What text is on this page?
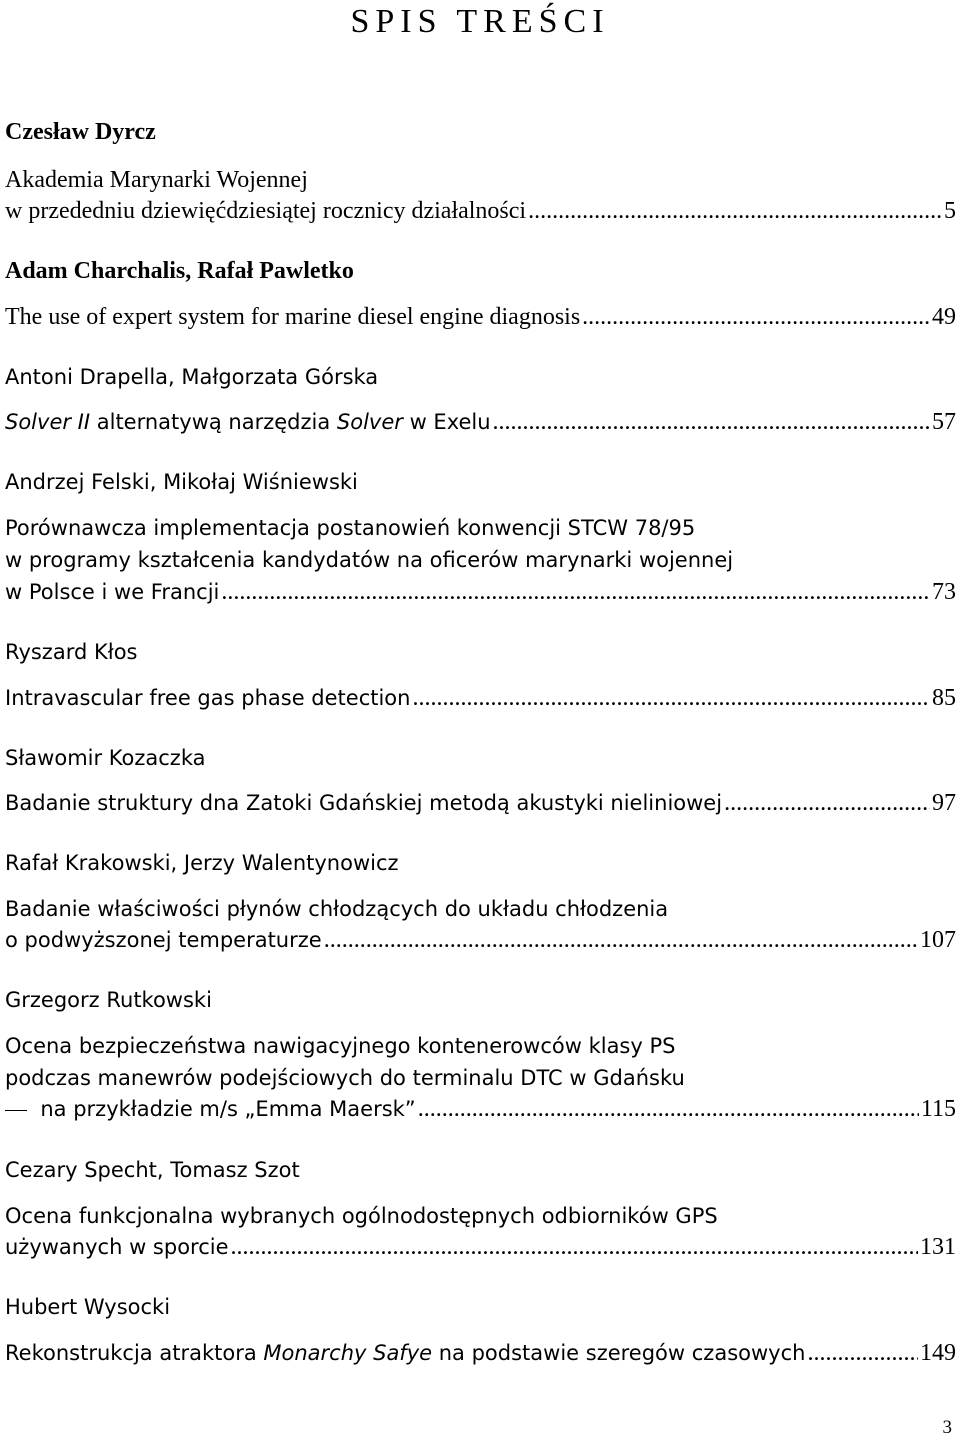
SPIS TREŚCI
Czesław Dyrcz
Akademia Marynarki Wojennej
w przededniu dziewięćdziesiątej rocznicy działalności .....	5
Adam Charchalis, Rafał Pawletko
The use of expert system for marine diesel engine diagnosis .....	49
Antoni Drapella, Małgorzata Górska
Solver II alternatywą narzędzia Solver w Exelu .....	57
Andrzej Felski, Mikołaj Wiśniewski
Porównawcza implementacja postanowień konwencji STCW 78/95
w programy kształcenia kandydatów na oficerów marynarki wojennej
w Polsce i we Francji .....	73
Ryszard Kłos
Intravascular free gas phase detection .....	85
Sławomir Kozaczka
Badanie struktury dna Zatoki Gdańskiej metodą akustyki nieliniowej .....	97
Rafał Krakowski, Jerzy Walentynowicz
Badanie właściwości płynów chłodzących do układu chłodzenia
o podwyższonej temperaturze .....	107
Grzegorz Rutkowski
Ocena bezpieczeństwa nawigacyjnego kontenerowców klasy PS
podczas manewrów podejściowych do terminalu DTC w Gdańsku
na przykładzie m/s „Emma Maersk” .....	115
Cezary Specht, Tomasz Szot
Ocena funkcjonalna wybranych ogólnodostępnych odbiorników GPS
używanych w sporcie .....	131
Hubert Wysocki
Rekonstrukcja atraktora Monarchy Safye na podstawie szeregów czasowych .....	149
3
